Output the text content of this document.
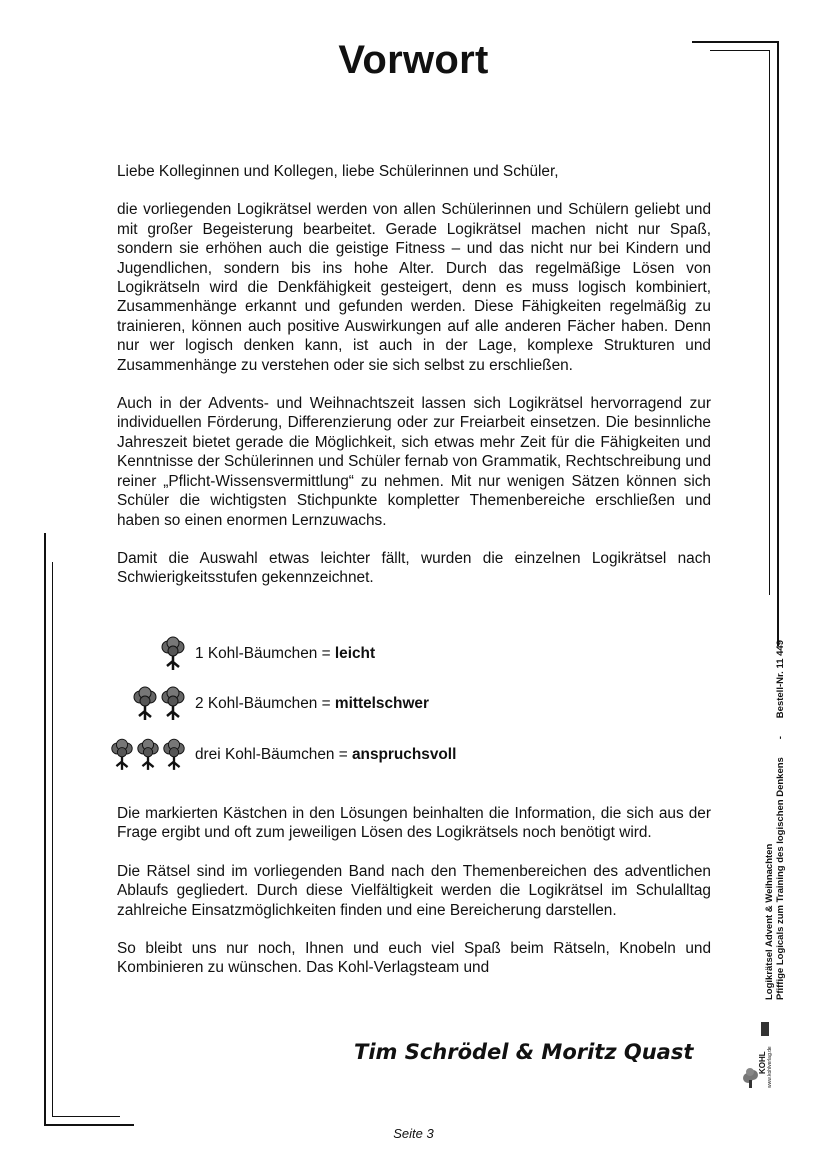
Vorwort

Liebe Kolleginnen und Kollegen, liebe Schülerinnen und Schüler,

die vorliegenden Logikrätsel werden von allen Schülerinnen und Schülern geliebt und mit großer Begeisterung bearbeitet. Gerade Logikrätsel machen nicht nur Spaß, sondern sie erhöhen auch die geistige Fitness – und das nicht nur bei Kindern und Jugendlichen, sondern bis ins hohe Alter. Durch das regelmäßige Lösen von Logikrätseln wird die Denkfähigkeit gesteigert, denn es muss logisch kombiniert, Zusammenhänge erkannt und gefunden werden. Diese Fähigkeiten regelmäßig zu trainieren, können auch positive Auswirkungen auf alle anderen Fächer haben. Denn nur wer logisch denken kann, ist auch in der Lage, komplexe Strukturen und Zusammenhänge zu verstehen oder sie sich selbst zu erschließen.

Auch in der Advents- und Weihnachtszeit lassen sich Logikrätsel hervorragend zur individuellen Förderung, Differenzierung oder zur Freiarbeit einsetzen. Die besinnliche Jahreszeit bietet gerade die Möglichkeit, sich etwas mehr Zeit für die Fähigkeiten und Kenntnisse der Schülerinnen und Schüler fernab von Grammatik, Rechtschreibung und reiner „Pflicht-Wissensvermittlung“ zu nehmen. Mit nur wenigen Sätzen können sich Schüler die wichtigsten Stichpunkte kompletter Themenbereiche erschließen und haben so einen enormen Lernzuwachs.

Damit die Auswahl etwas leichter fällt, wurden die einzelnen Logikrätsel nach Schwierigkeitsstufen gekennzeichnet.

1 Kohl-Bäumchen = leicht
2 Kohl-Bäumchen = mittelschwer
drei Kohl-Bäumchen = anspruchsvoll

Die markierten Kästchen in den Lösungen beinhalten die Information, die sich aus der Frage ergibt und oft zum jeweiligen Lösen des Logikrätsels noch benötigt wird.

Die Rätsel sind im vorliegenden Band nach den Themenbereichen des adventlichen Ablaufs gegliedert. Durch diese Vielfältigkeit werden die Logikrätsel im Schulalltag zahlreiche Einsatzmöglichkeiten finden und eine Bereicherung darstellen.

So bleibt uns nur noch, Ihnen und euch viel Spaß beim Rätseln, Knobeln und Kombinieren zu wünschen. Das Kohl-Verlagsteam und

Tim Schrödel & Moritz Quast
Seite 3
Logikrätsel Advent & Weihnachten Pfiffige Logicals zum Training des logischen Denkens
-
Bestell-Nr. 11 449
KOHL www.kohlverlag.de
